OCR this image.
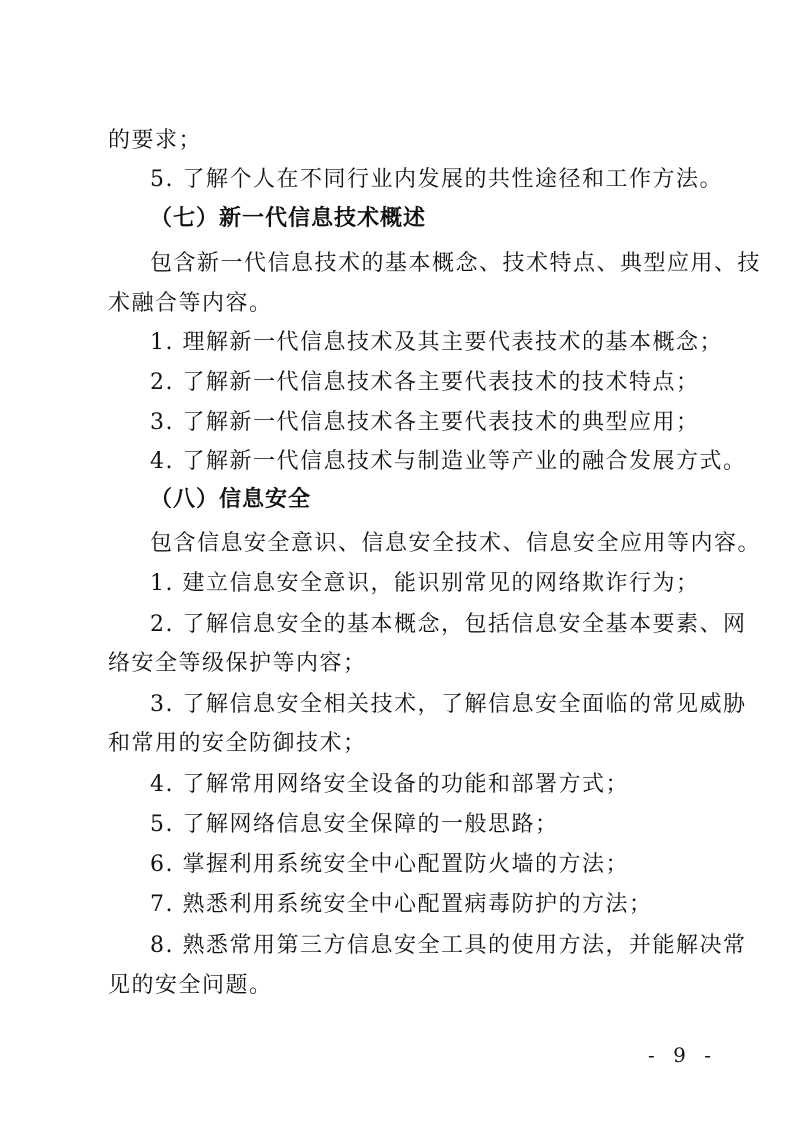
的要求；
5. 了解个人在不同行业内发展的共性途径和工作方法。
（七）新一代信息技术概述
包含新一代信息技术的基本概念、技术特点、典型应用、技
术融合等内容。
1. 理解新一代信息技术及其主要代表技术的基本概念；
2. 了解新一代信息技术各主要代表技术的技术特点；
3. 了解新一代信息技术各主要代表技术的典型应用；
4. 了解新一代信息技术与制造业等产业的融合发展方式。
（八）信息安全
包含信息安全意识、信息安全技术、信息安全应用等内容。
1. 建立信息安全意识，能识别常见的网络欺诈行为；
2. 了解信息安全的基本概念，包括信息安全基本要素、网
络安全等级保护等内容；
3. 了解信息安全相关技术，了解信息安全面临的常见威胁
和常用的安全防御技术；
4. 了解常用网络安全设备的功能和部署方式；
5. 了解网络信息安全保障的一般思路；
6. 掌握利用系统安全中心配置防火墙的方法；
7. 熟悉利用系统安全中心配置病毒防护的方法；
8. 熟悉常用第三方信息安全工具的使用方法，并能解决常
见的安全问题。
- 9 -
